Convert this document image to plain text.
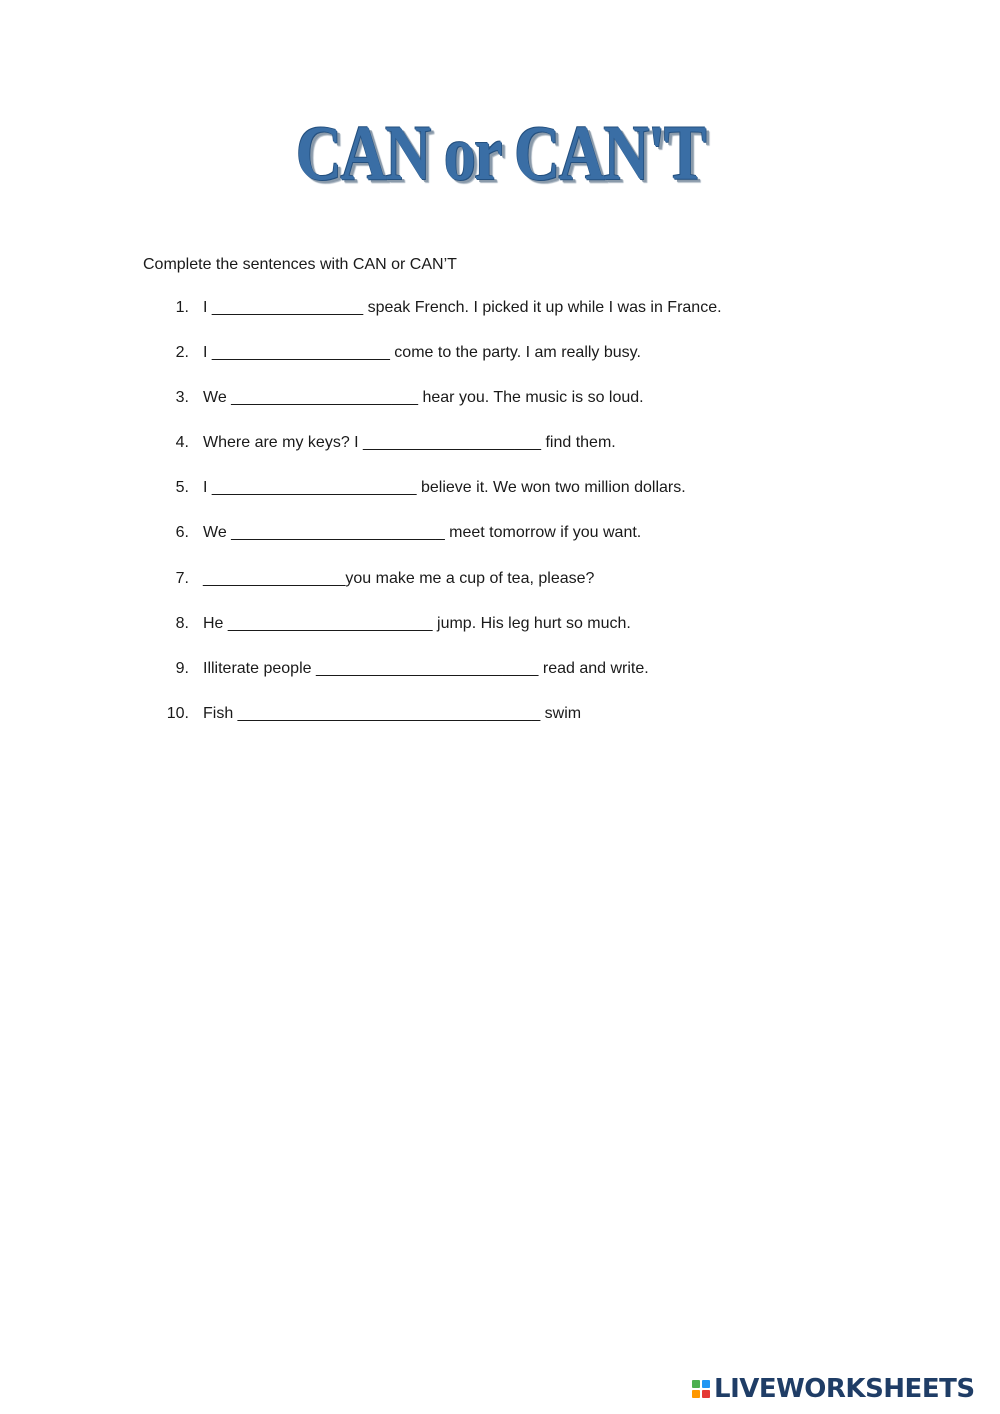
CAN or CAN'T
Complete the sentences with CAN or CAN’T
1. I _________________ speak French. I picked it up while I was in France.
2. I ____________________ come to the party. I am really busy.
3. We _____________________ hear you. The music is so loud.
4. Where are my keys? I ____________________ find them.
5. I _______________________ believe it. We won two million dollars.
6. We ________________________ meet tomorrow if you want.
7. ________________you make me a cup of tea, please?
8. He _______________________ jump. His leg hurt so much.
9. Illiterate people _________________________ read and write.
10. Fish __________________________________ swim
LIVEWORKSHEETS
